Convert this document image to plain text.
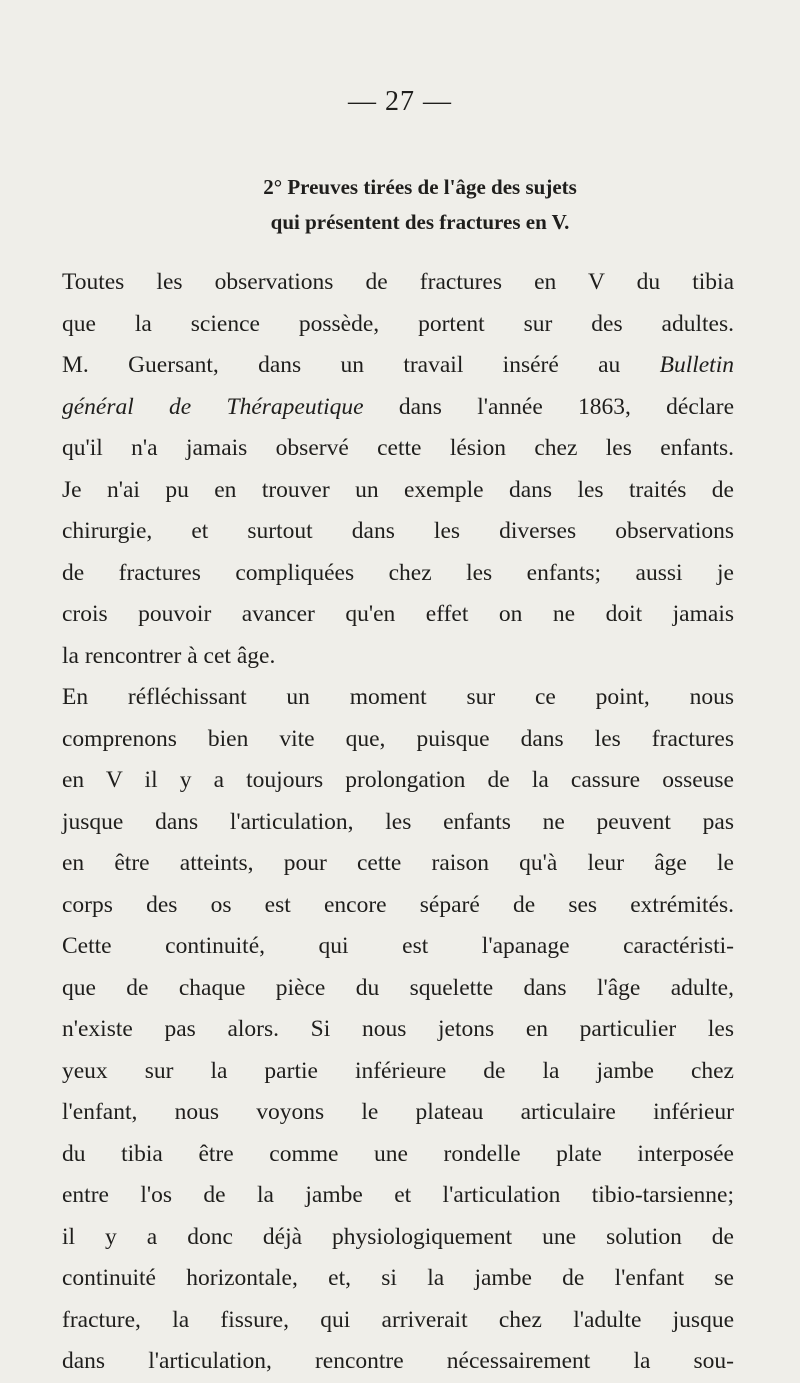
— 27 —
2° Preuves tirées de l'âge des sujets
qui présentent des fractures en V.
Toutes les observations de fractures en V du tibia
que la science possède, portent sur des adultes.
M. Guersant, dans un travail inséré au Bulletin
général de Thérapeutique dans l'année 1863, déclare
qu'il n'a jamais observé cette lésion chez les enfants.
Je n'ai pu en trouver un exemple dans les traités de
chirurgie, et surtout dans les diverses observations
de fractures compliquées chez les enfants; aussi je
crois pouvoir avancer qu'en effet on ne doit jamais
la rencontrer à cet âge.
En réfléchissant un moment sur ce point, nous
comprenons bien vite que, puisque dans les fractures
en V il y a toujours prolongation de la cassure osseuse
jusque dans l'articulation, les enfants ne peuvent pas
en être atteints, pour cette raison qu'à leur âge le
corps des os est encore séparé de ses extrémités.
Cette continuité, qui est l'apanage caractéristi-
que de chaque pièce du squelette dans l'âge adulte,
n'existe pas alors. Si nous jetons en particulier les
yeux sur la partie inférieure de la jambe chez
l'enfant, nous voyons le plateau articulaire inférieur
du tibia être comme une rondelle plate interposée
entre l'os de la jambe et l'articulation tibio-tarsienne;
il y a donc déjà physiologiquement une solution de
continuité horizontale, et, si la jambe de l'enfant se
fracture, la fissure, qui arriverait chez l'adulte jusque
dans l'articulation, rencontre nécessairement la sou-
